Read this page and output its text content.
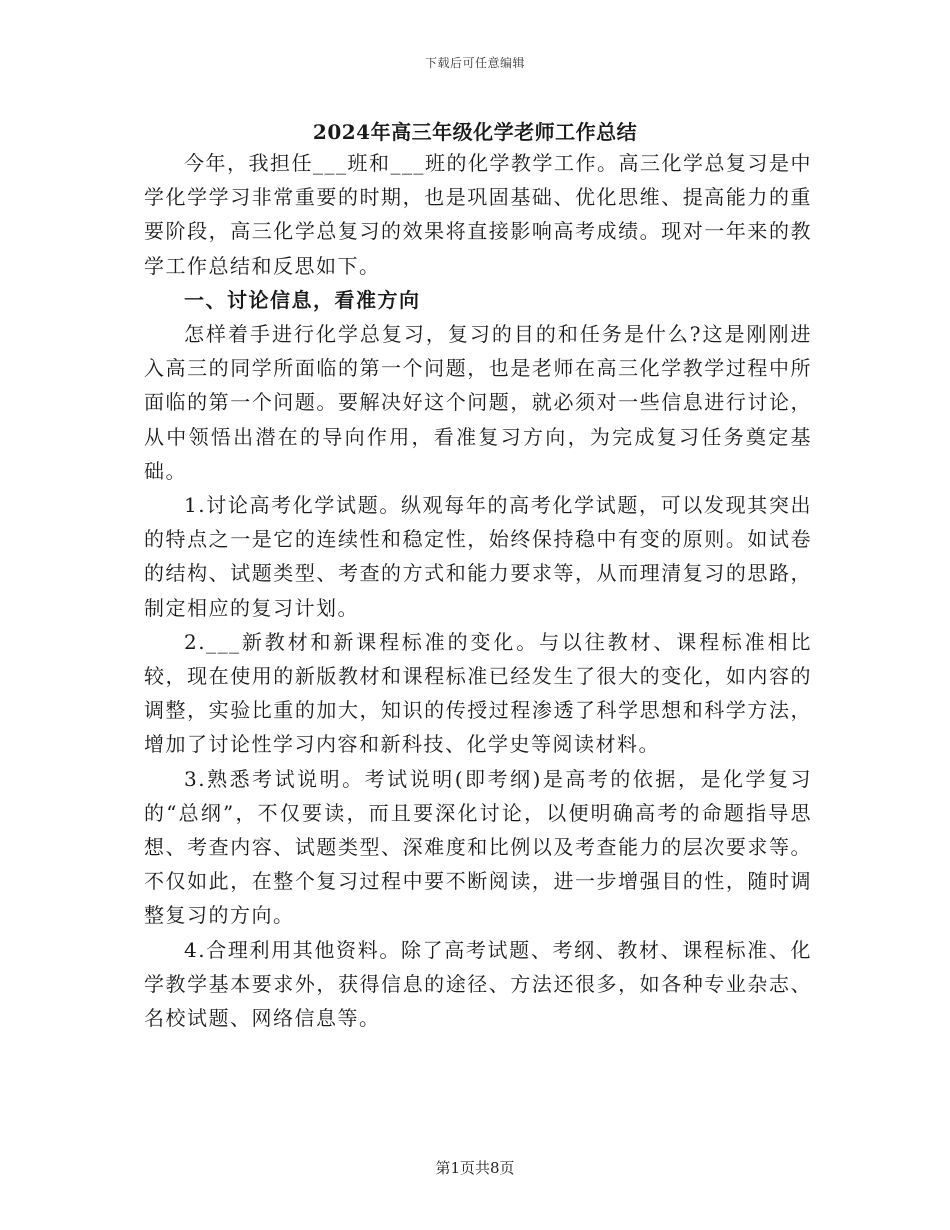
下载后可任意编辑
2024年高三年级化学老师工作总结

今年，我担任___班和___班的化学教学工作。高三化学总复习是中学化学学习非常重要的时期，也是巩固基础、优化思维、提高能力的重要阶段，高三化学总复习的效果将直接影响高考成绩。现对一年来的教学工作总结和反思如下。

一、讨论信息，看准方向

怎样着手进行化学总复习，复习的目的和任务是什么?这是刚刚进入高三的同学所面临的第一个问题，也是老师在高三化学教学过程中所面临的第一个问题。要解决好这个问题，就必须对一些信息进行讨论，从中领悟出潜在的导向作用，看准复习方向，为完成复习任务奠定基础。

1.讨论高考化学试题。纵观每年的高考化学试题，可以发现其突出的特点之一是它的连续性和稳定性，始终保持稳中有变的原则。如试卷的结构、试题类型、考查的方式和能力要求等，从而理清复习的思路，制定相应的复习计划。

2.___新教材和新课程标准的变化。与以往教材、课程标准相比较，现在使用的新版教材和课程标准已经发生了很大的变化，如内容的调整，实验比重的加大，知识的传授过程渗透了科学思想和科学方法，增加了讨论性学习内容和新科技、化学史等阅读材料。

3.熟悉考试说明。考试说明(即考纲)是高考的依据，是化学复习的“总纲”，不仅要读，而且要深化讨论，以便明确高考的命题指导思想、考查内容、试题类型、深难度和比例以及考查能力的层次要求等。不仅如此，在整个复习过程中要不断阅读，进一步增强目的性，随时调整复习的方向。

4.合理利用其他资料。除了高考试题、考纲、教材、课程标准、化学教学基本要求外，获得信息的途径、方法还很多，如各种专业杂志、名校试题、网络信息等。

第1页共8页
